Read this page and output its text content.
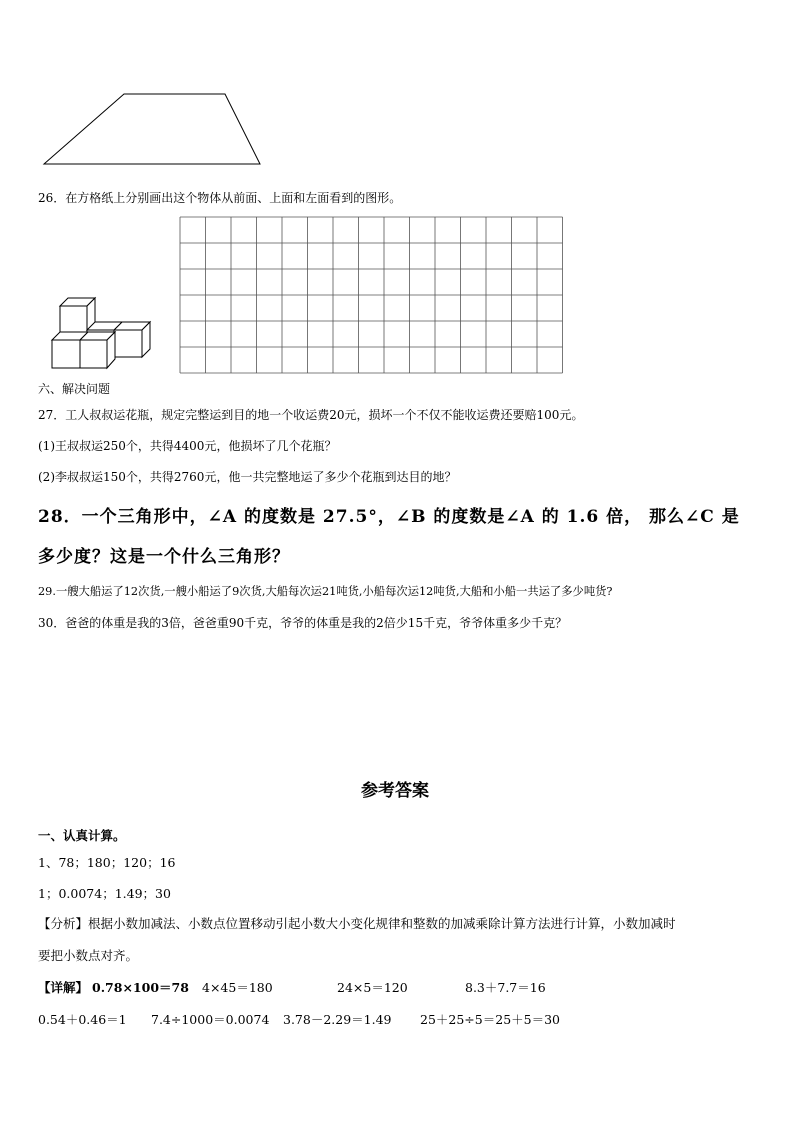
26．在方格纸上分别画出这个物体从前面、上面和左面看到的图形。
六、解决问题
27．工人叔叔运花瓶，规定完整运到目的地一个收运费20元，损坏一个不仅不能收运费还要赔100元。
(1)王叔叔运250个，共得4400元，他损坏了几个花瓶？
(2)李叔叔运150个，共得2760元，他一共完整地运了多少个花瓶到达目的地？
28．一个三角形中，∠A 的度数是 27.5°，∠B 的度数是∠A 的 1.6 倍， 那么∠C 是
多少度？这是一个什么三角形？
29.一艘大船运了12次货,一艘小船运了9次货,大船每次运21吨货,小船每次运12吨货,大船和小船一共运了多少吨货?
30．爸爸的体重是我的3倍，爸爸重90千克，爷爷的体重是我的2倍少15千克，爷爷体重多少千克？
参考答案
一、认真计算。
1、78；180；120；16
1；0.0074；1.49；30
【分析】根据小数加减法、小数点位置移动引起小数大小变化规律和整数的加减乘除计算方法进行计算，小数加减时
要把小数点对齐。
【详解】 0.78×100＝78 4×45＝180	24×5＝120	8.3＋7.7＝16
0.54＋0.46＝1 7.4÷1000＝0.0074 3.78－2.29＝1.49 25＋25÷5＝25＋5＝30
